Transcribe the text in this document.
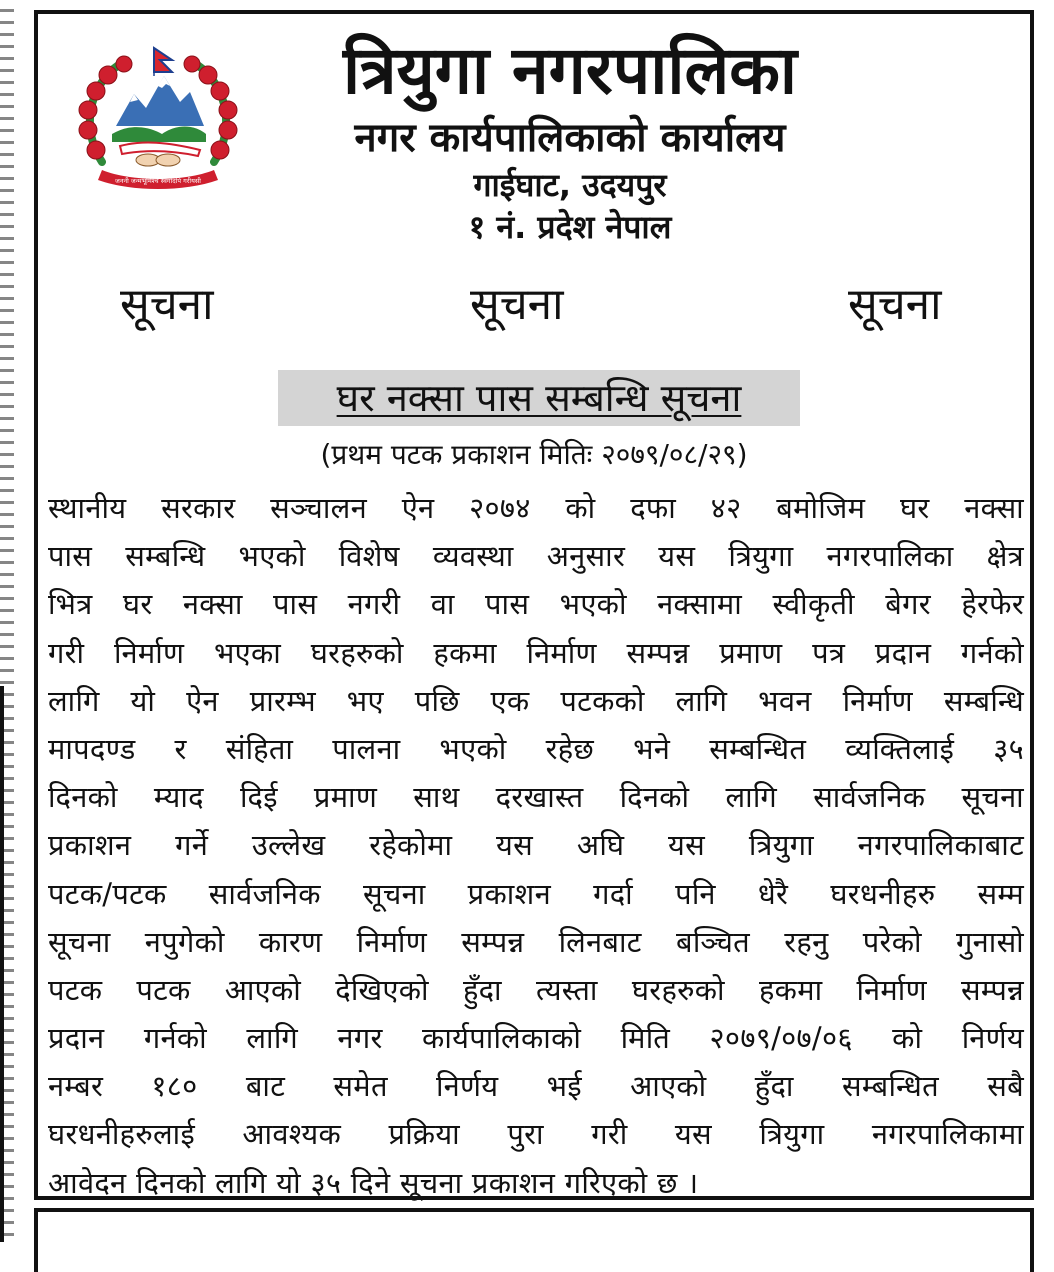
जननी जन्मभूमिश्च स्वर्गादपि गरीयसी
त्रियुगा नगरपालिका
नगर कार्यपालिकाको कार्यालय
गाईघाट, उदयपुर
१ नं. प्रदेश नेपाल
सूचना	सूचना	सूचना
घर नक्सा पास सम्बन्धि सूचना
(प्रथम पटक प्रकाशन मितिः २०७९/०८/२९)
स्थानीय सरकार सञ्चालन ऐन २०७४ को दफा ४२ बमोजिम घर नक्सा
पास सम्बन्धि भएको विशेष व्यवस्था अनुसार यस त्रियुगा नगरपालिका क्षेत्र
भित्र घर नक्सा पास नगरी वा पास भएको नक्सामा स्वीकृती बेगर हेरफेर
गरी निर्माण भएका घरहरुको हकमा निर्माण सम्पन्न प्रमाण पत्र प्रदान गर्नको
लागि यो ऐन प्रारम्भ भए पछि एक पटकको लागि भवन निर्माण सम्बन्धि
मापदण्ड र संहिता पालना भएको रहेछ भने सम्बन्धित व्यक्तिलाई ३५
दिनको म्याद दिई प्रमाण साथ दरखास्त दिनको लागि सार्वजनिक सूचना
प्रकाशन गर्ने उल्लेख रहेकोमा यस अघि यस त्रियुगा नगरपालिकाबाट
पटक/पटक सार्वजनिक सूचना प्रकाशन गर्दा पनि धेरै घरधनीहरु सम्म
सूचना नपुगेको कारण निर्माण सम्पन्न लिनबाट बञ्चित रहनु परेको गुनासो
पटक पटक आएको देखिएको हुँदा त्यस्ता घरहरुको हकमा निर्माण सम्पन्न
प्रदान गर्नको लागि नगर कार्यपालिकाको मिति २०७९/०७/०६ को निर्णय
नम्बर १८० बाट समेत निर्णय भई आएको हुँदा सम्बन्धित सबै
घरधनीहरुलाई आवश्यक प्रक्रिया पुरा गरी यस त्रियुगा नगरपालिकामा
आवेदन दिनको लागि यो ३५ दिने सूचना प्रकाशन गरिएको छ ।
